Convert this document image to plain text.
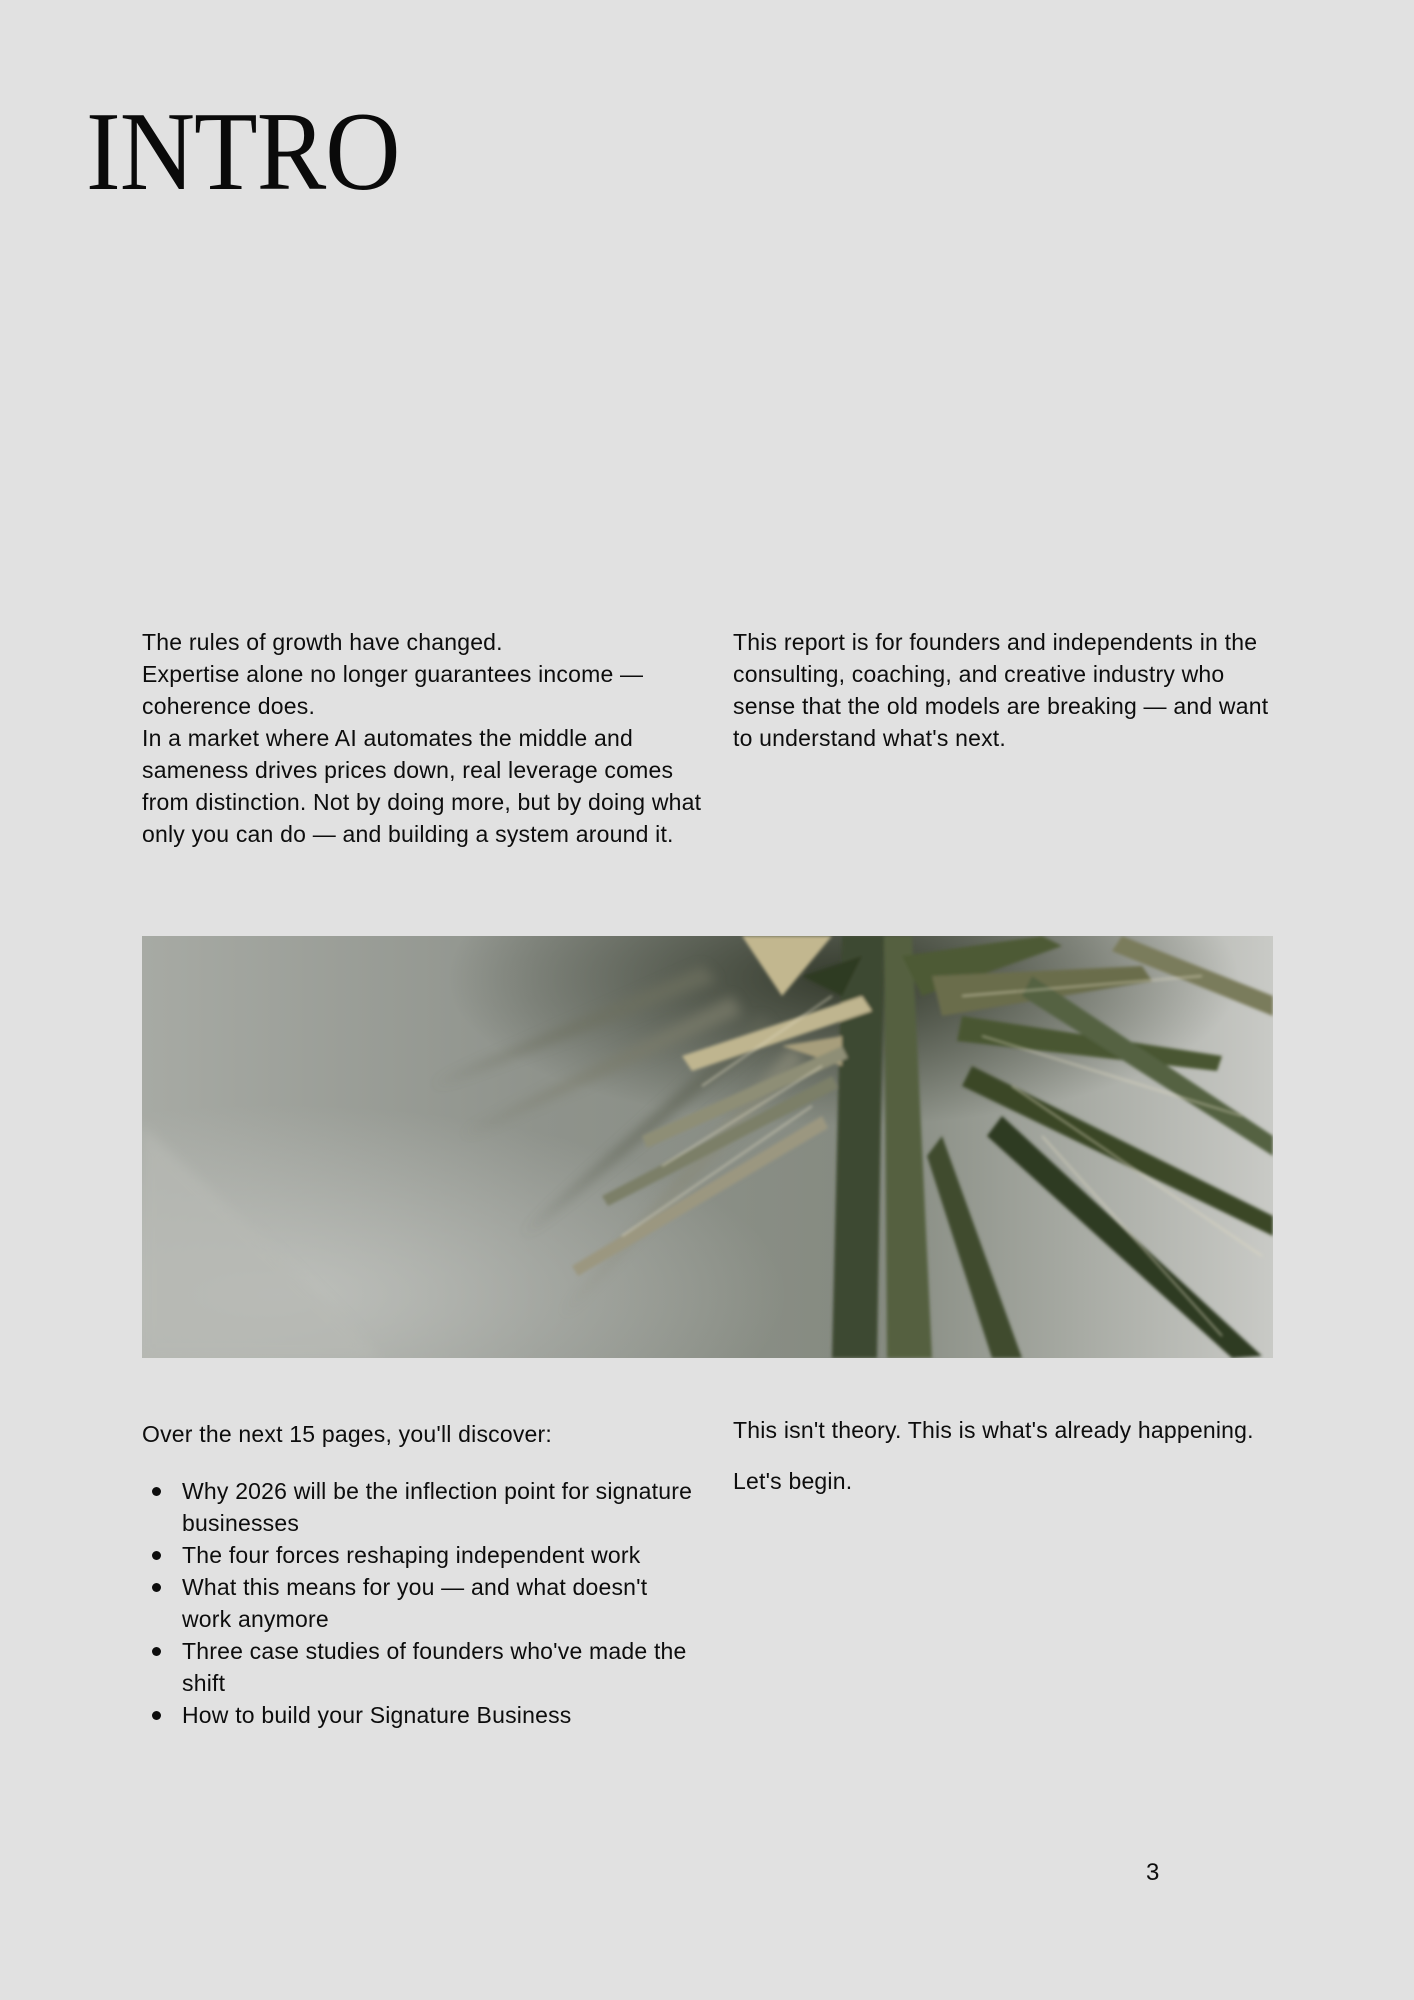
INTRO

The rules of growth have changed.

Expertise alone no longer guarantees income — coherence does.

In a market where AI automates the middle and sameness drives prices down, real leverage comes from distinction. Not by doing more, but by doing what only you can do — and building a system around it.

This report is for founders and independents in the consulting, coaching, and creative industry who sense that the old models are breaking — and want to understand what's next.

Over the next 15 pages, you'll discover:

Why 2026 will be the inflection point for signature businesses
The four forces reshaping independent work
What this means for you — and what doesn't work anymore
Three case studies of founders who've made the shift
How to build your Signature Business

This isn't theory. This is what's already happening.

Let's begin.

3
